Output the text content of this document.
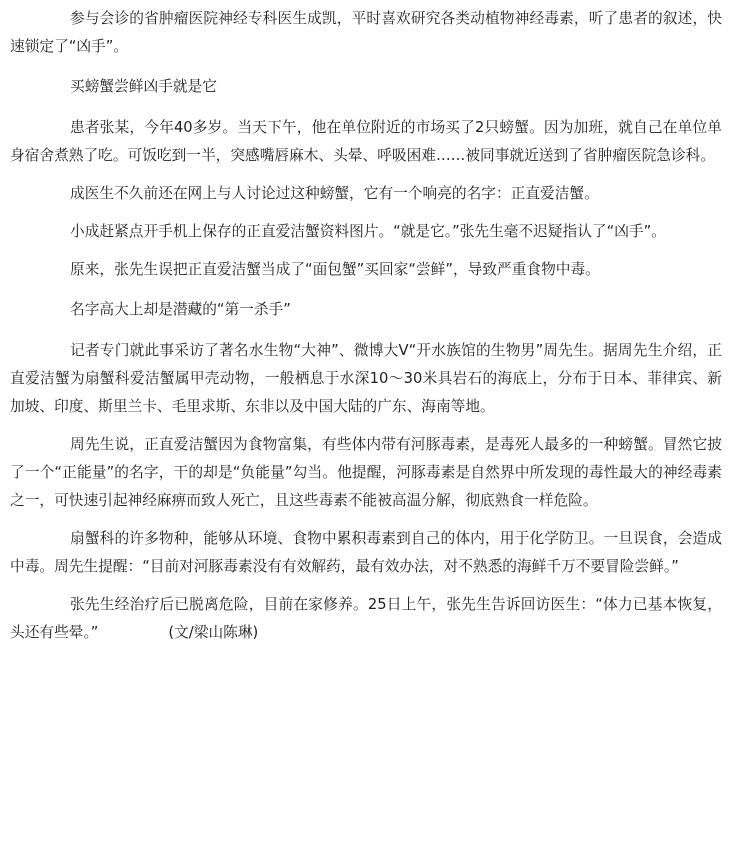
参与会诊的省肿瘤医院神经专科医生成凯，平时喜欢研究各类动植物神经毒素，听了患者的叙述，快速锁定了“凶手”。

买螃蟹尝鲜凶手就是它

患者张某，今年40多岁。当天下午，他在单位附近的市场买了2只螃蟹。因为加班，就自己在单位单身宿舍煮熟了吃。可饭吃到一半，突感嘴唇麻木、头晕、呼吸困难……被同事就近送到了省肿瘤医院急诊科。

成医生不久前还在网上与人讨论过这种螃蟹，它有一个响亮的名字：正直爱洁蟹。

小成赶紧点开手机上保存的正直爱洁蟹资料图片。“就是它。”张先生毫不迟疑指认了“凶手”。

原来，张先生误把正直爱洁蟹当成了“面包蟹”买回家“尝鲜”，导致严重食物中毒。

名字高大上却是潜藏的“第一杀手”

记者专门就此事采访了著名水生物“大神”、微博大V“开水族馆的生物男”周先生。据周先生介绍，正直爱洁蟹为扇蟹科爱洁蟹属甲壳动物，一般栖息于水深10～30米具岩石的海底上，分布于日本、菲律宾、新加坡、印度、斯里兰卡、毛里求斯、东非以及中国大陆的广东、海南等地。

周先生说，正直爱洁蟹因为食物富集，有些体内带有河豚毒素，是毒死人最多的一种螃蟹。冒然它披了一个“正能量”的名字，干的却是“负能量”勾当。他提醒，河豚毒素是自然界中所发现的毒性最大的神经毒素之一，可快速引起神经麻痹而致人死亡，且这些毒素不能被高温分解，彻底熟食一样危险。

扇蟹科的许多物种，能够从环境、食物中累积毒素到自己的体内，用于化学防卫。一旦误食，会造成中毒。周先生提醒：“目前对河豚毒素没有有效解药，最有效办法，对不熟悉的海鲜千万不要冒险尝鲜。”

张先生经治疗后已脱离危险，目前在家修养。25日上午，张先生告诉回访医生：“体力已基本恢复，头还有些晕。”	(文/梁山陈琳)
